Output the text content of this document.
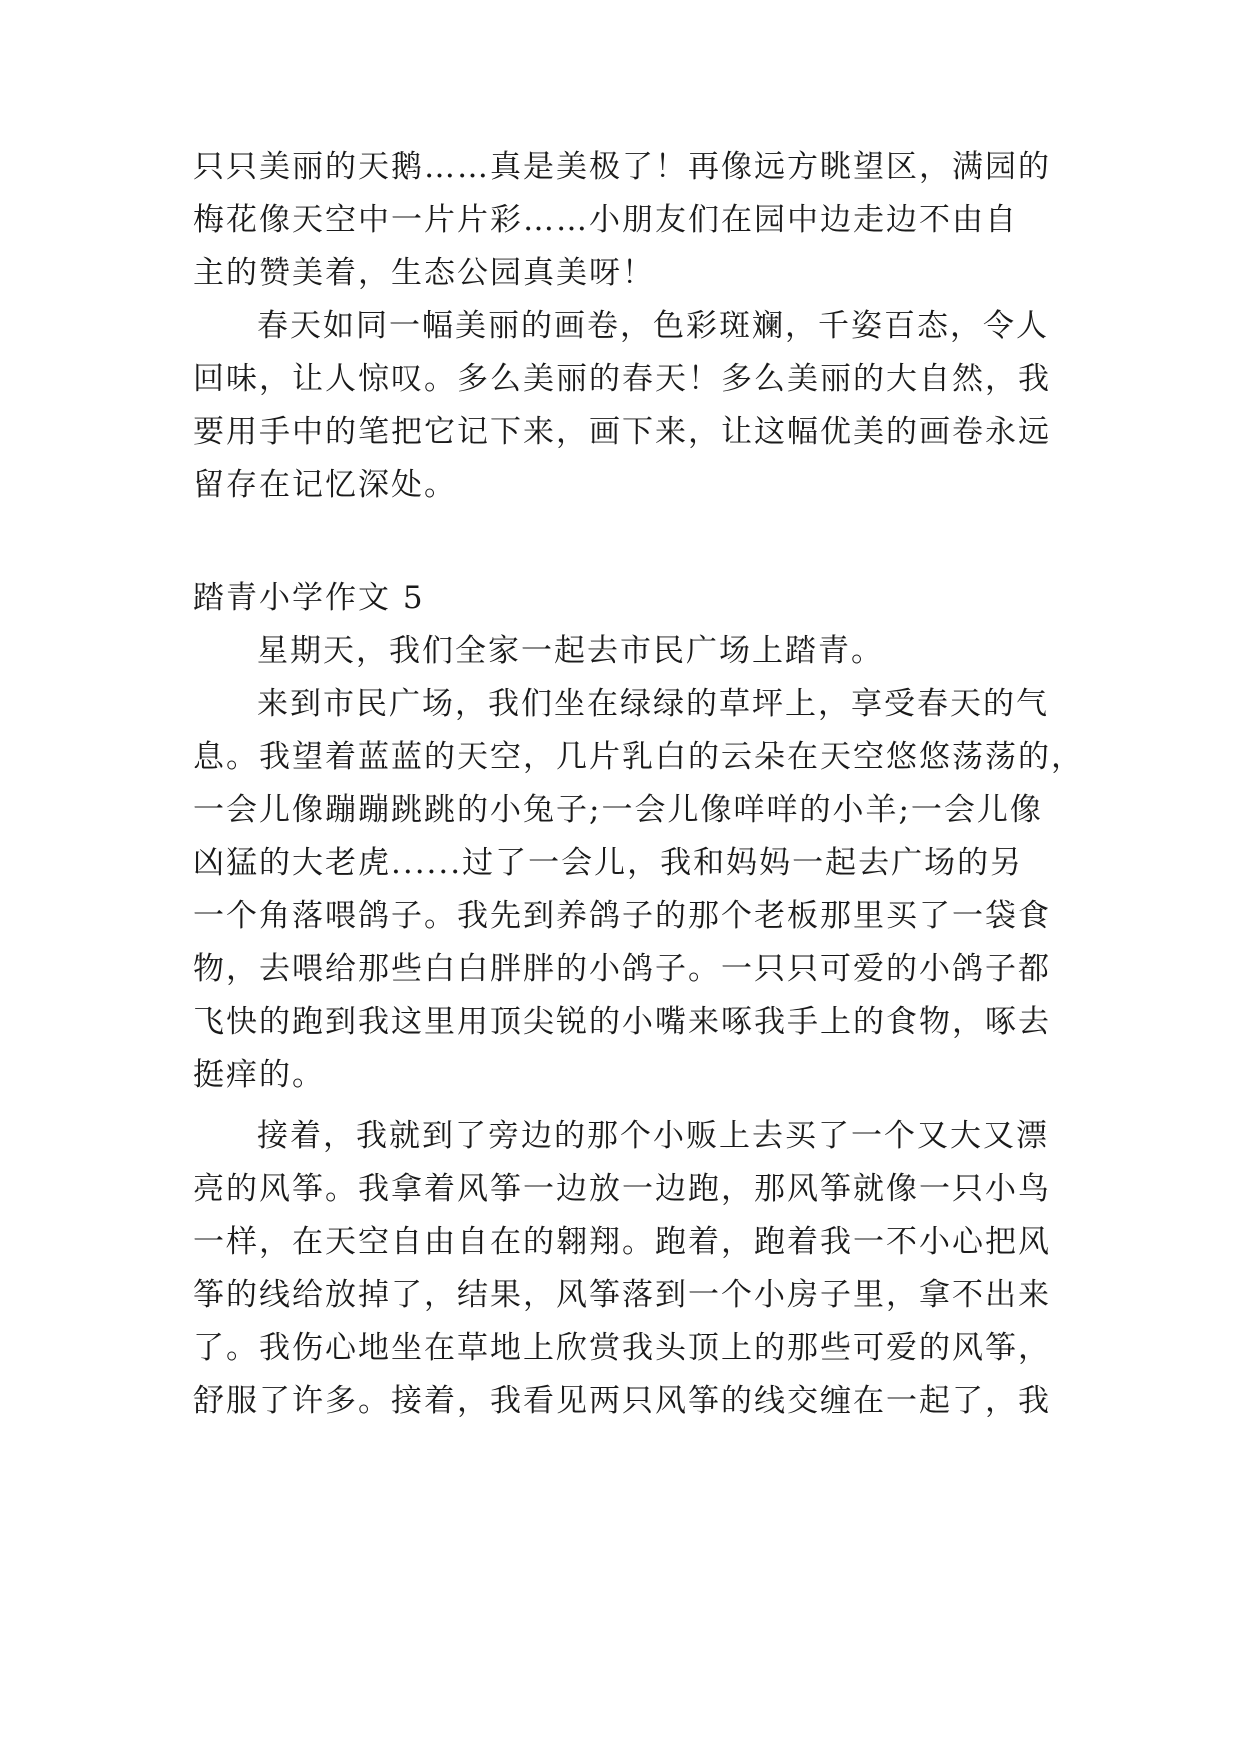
只只美丽的天鹅……真是美极了！再像远方眺望区，满园的
梅花像天空中一片片彩……小朋友们在园中边走边不由自
主的赞美着，生态公园真美呀！
春天如同一幅美丽的画卷，色彩斑斓，千姿百态，令人
回味，让人惊叹。多么美丽的春天！多么美丽的大自然，我
要用手中的笔把它记下来，画下来，让这幅优美的画卷永远
留存在记忆深处。
踏青小学作文 5
星期天，我们全家一起去市民广场上踏青。
来到市民广场，我们坐在绿绿的草坪上，享受春天的气
息。我望着蓝蓝的天空，几片乳白的云朵在天空悠悠荡荡的，
一会儿像蹦蹦跳跳的小兔子;一会儿像咩咩的小羊;一会儿像
凶猛的大老虎......过了一会儿，我和妈妈一起去广场的另
一个角落喂鸽子。我先到养鸽子的那个老板那里买了一袋食
物，去喂给那些白白胖胖的小鸽子。一只只可爱的小鸽子都
飞快的跑到我这里用顶尖锐的小嘴来啄我手上的食物，啄去
挺痒的。
接着，我就到了旁边的那个小贩上去买了一个又大又漂
亮的风筝。我拿着风筝一边放一边跑，那风筝就像一只小鸟
一样，在天空自由自在的翱翔。跑着，跑着我一不小心把风
筝的线给放掉了，结果，风筝落到一个小房子里，拿不出来
了。我伤心地坐在草地上欣赏我头顶上的那些可爱的风筝，
舒服了许多。接着，我看见两只风筝的线交缠在一起了，我
